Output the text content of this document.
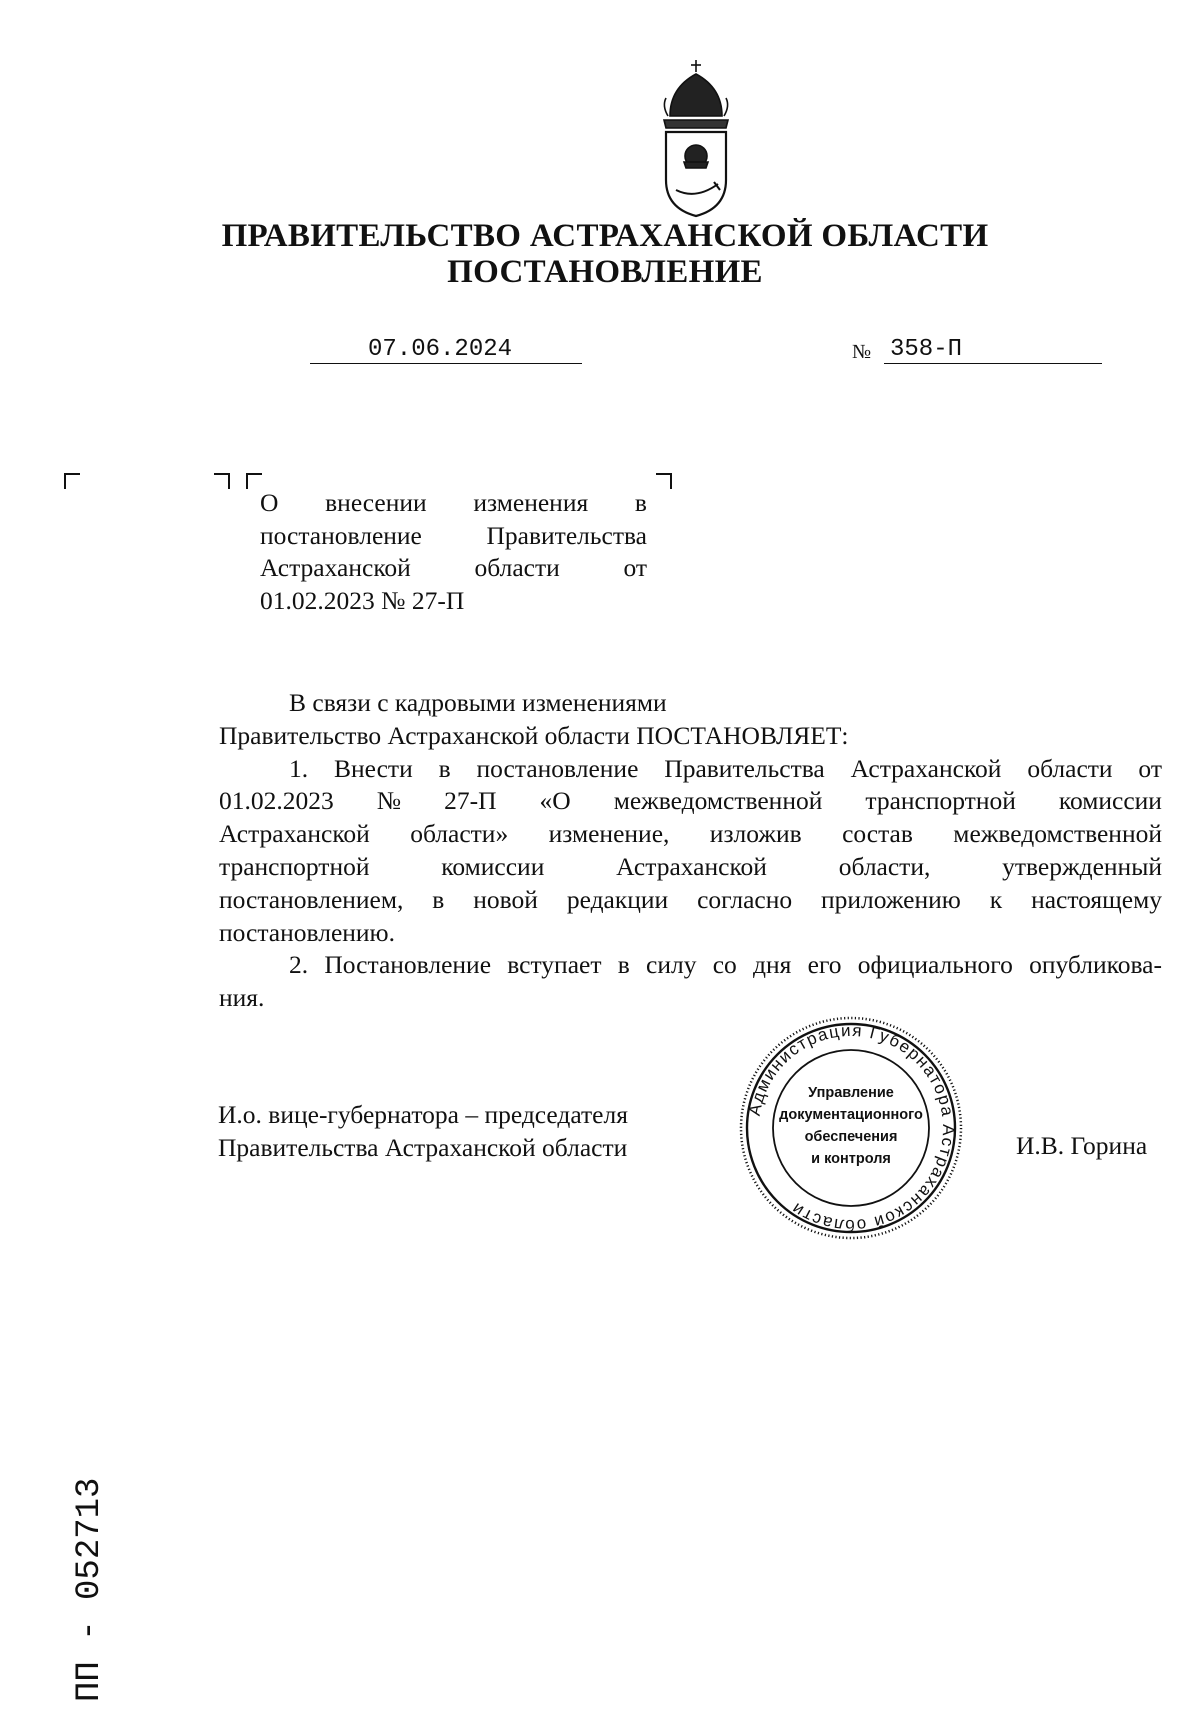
ПРАВИТЕЛЬСТВО АСТРАХАНСКОЙ ОБЛАСТИ
ПОСТАНОВЛЕНИЕ
07.06.2024	№ 358-П
О внесении изменения в
постановление	Правительства
Астраханской области от
01.02.2023 № 27-П
В связи с кадровыми изменениями
Правительство Астраханской области ПОСТАНОВЛЯЕТ:
1. Внести в постановление Правительства Астраханской области от
01.02.2023 № 27-П «О межведомственной транспортной комиссии
Астраханской области» изменение, изложив состав межведомственной
транспортной	комиссии	Астраханской	области,	утвержденный
постановлением, в новой редакции согласно приложению к настоящему
постановлению.
2. Постановление вступает в силу со дня его официального опубликова-
ния.
И.о. вице-губернатора – председателя
Правительства Астраханской области	И.В. Горина
Администрация Губернатора Астраханской области
Управление
документационного
обеспечения
и контроля
ПП - 052713
